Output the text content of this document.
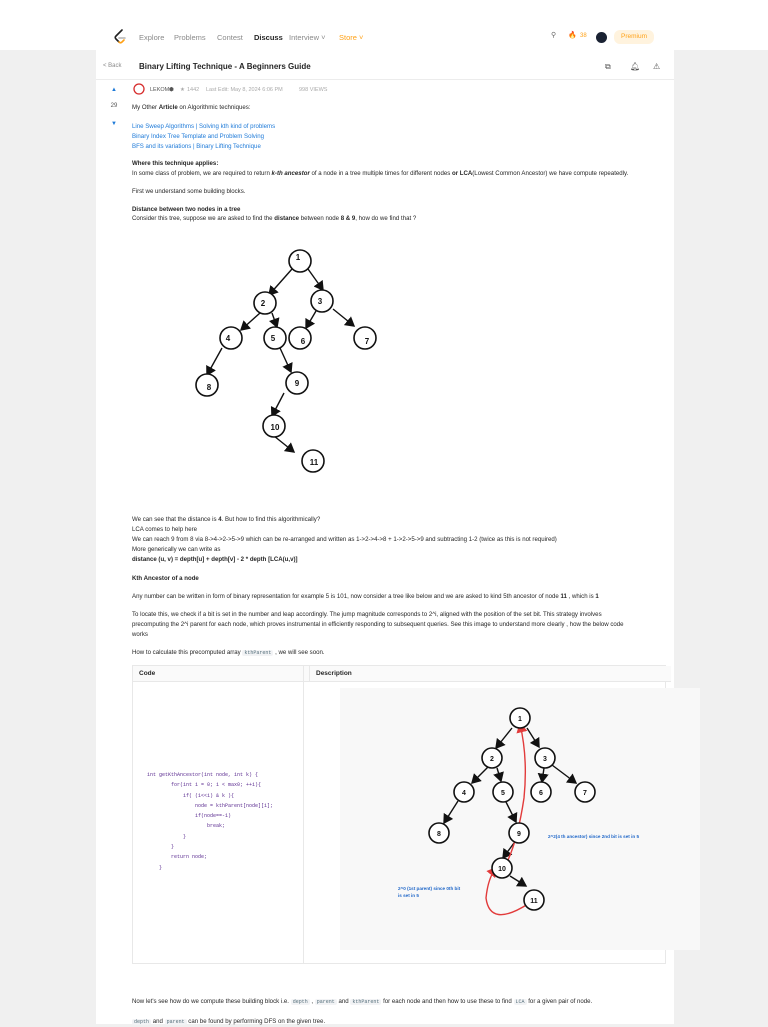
Explore Problems Contest Discuss Interview ˅ Store ˅	⚲ 🔥 38	Premium
< Back Binary Lifting Technique - A Beginners Guide	⧉ 🔔︎ ⚠︎
▲
29
▼
LEKOM ⬢ ★ 1442 Last Edit: May 8, 2024 6:06 PM	998 VIEWS

My Other Article on Algorithmic techniques:

Line Sweep Algorithms | Solving kth kind of problems

Binary Index Tree Template and Problem Solving

BFS and its variations | Binary Lifting Technique

Where this technique applies:

In some class of problem, we are required to return k-th ancestor of a node in a tree multiple times for different nodes or LCA(Lowest Common Ancestor) we have compute repeatedly.

First we understand some building blocks.

Distance between two nodes in a tree

Consider this tree, suppose we are asked to find the distance between node 8 & 9, how do we find that ?

1
2	3
4	5	6	7
8	9
10
11

We can see that the distance is 4. But how to find this algorithmically?

LCA comes to help here

We can reach 9 from 8 via 8->4->2->5->9 which can be re-arranged and written as 1->2->4->8 + 1->2->5->9 and subtracting 1-2 (twice as this is not required)

More generically we can write as

distance (u, v) = depth[u] + depth[v] - 2 * depth [LCA(u,v)]

Kth Ancestor of a node

Any number can be written in form of binary representation for example 5 is 101, now consider a tree like below and we are asked to kind 5th ancestor of node 11 , which is 1

To locate this, we check if a bit is set in the number and leap accordingly. The jump magnitude corresponds to 2^i, aligned with the position of the set bit. This strategy involves

precomputing the 2^i parent for each node, which proves instrumental in efficiently responding to subsequent queries. See this image to understand more clearly , how the below code

works

How to calculate this precomputed array kthParent , we will see soon.

Now let's see how do we compute these building block i.e. depth , parent and kthParent for each node and then how to use these to find LCA for a given pair of node.

depth and parent can be found by performing DFS on the given tree.

Code	Description
int getKthAncestor(int node, int k) {
for(int i = 0; i < max0; ++i){
if( (1<<i) & k ){
node = kthParent[node][i];
if(node==-1)
break;
}
}
return node;
}
1
2	3
4	5	6	7
8	9
10
11
2^2(4 th ancestor) since 2nd bit is set in 5
2^0 (1st parent) since 0th bit
is set in 5
